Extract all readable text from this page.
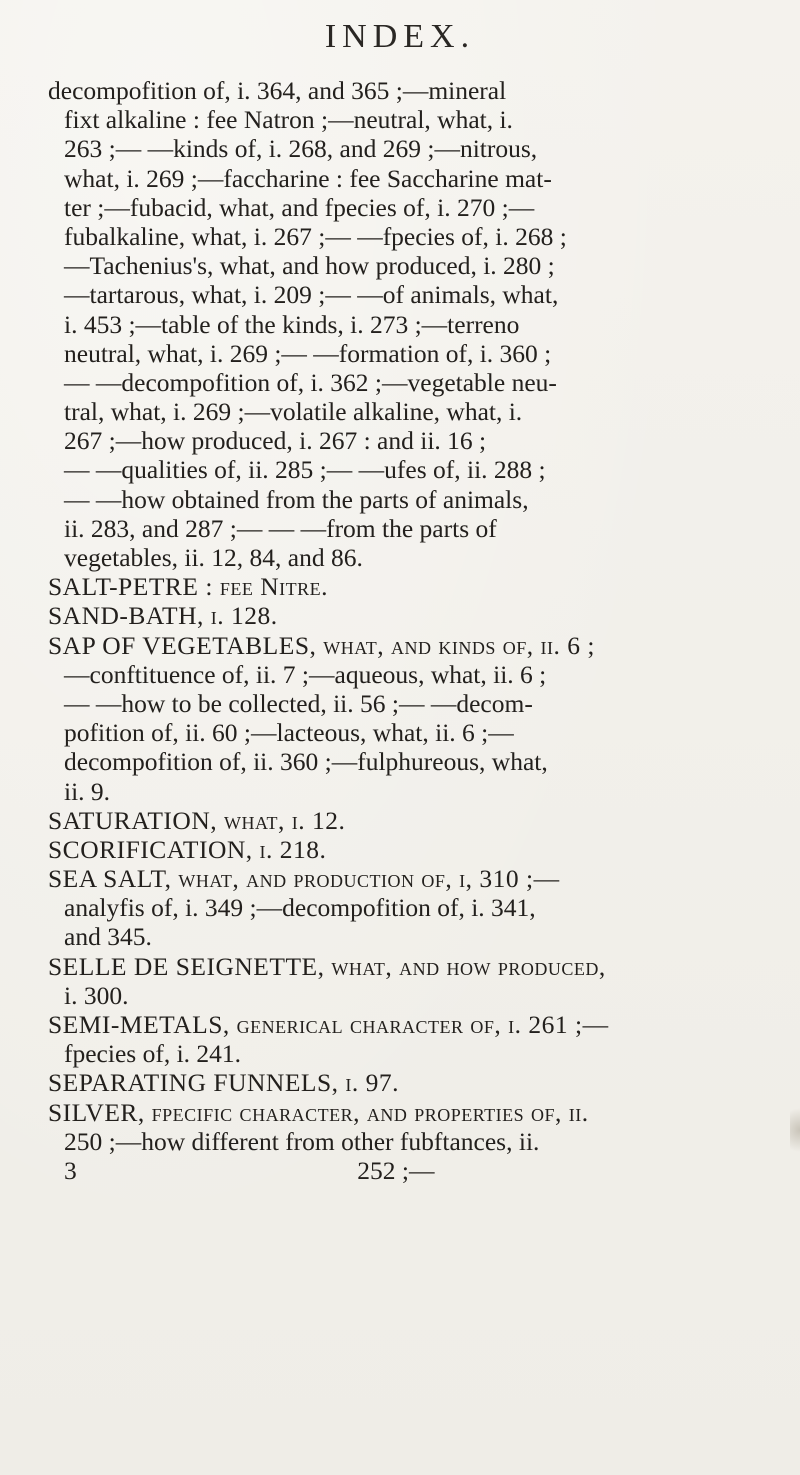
INDEX.
decompofition of, i. 364, and 365 ;—mineral
fixt alkaline : fee Natron ;—neutral, what, i.
263 ;— —kinds of, i. 268, and 269 ;—nitrous,
what, i. 269 ;—faccharine : fee Saccharine mat-
ter ;—fubacid, what, and fpecies of, i. 270 ;—
fubalkaline, what, i. 267 ;— —fpecies of, i. 268 ;
—Tachenius's, what, and how produced, i. 280 ;
—tartarous, what, i. 209 ;— —of animals, what,
i. 453 ;—table of the kinds, i. 273 ;—terreno
neutral, what, i. 269 ;— —formation of, i. 360 ;
— —decompofition of, i. 362 ;—vegetable neu-
tral, what, i. 269 ;—volatile alkaline, what, i.
267 ;—how produced, i. 267 : and ii. 16 ;
— —qualities of, ii. 285 ;— —ufes of, ii. 288 ;
— —how obtained from the parts of animals,
ii. 283, and 287 ;— — —from the parts of
vegetables, ii. 12, 84, and 86.
SALT-PETRE : fee Nitre.
SAND-BATH, i. 128.
SAP OF VEGETABLES, what, and kinds of, ii. 6 ;
—conftituence of, ii. 7 ;—aqueous, what, ii. 6 ;
— —how to be collected, ii. 56 ;— —decom-
pofition of, ii. 60 ;—lacteous, what, ii. 6 ;—
decompofition of, ii. 360 ;—fulphureous, what,
ii. 9.
SATURATION, what, i. 12.
SCORIFICATION, i. 218.
SEA SALT, what, and production of, i, 310 ;—
analyfis of, i. 349 ;—decompofition of, i. 341,
and 345.
SELLE DE SEIGNETTE, what, and how produced,
i. 300.
SEMI-METALS, generical character of, i. 261 ;—
fpecies of, i. 241.
SEPARATING FUNNELS, i. 97.
SILVER, fpecific character, and properties of, ii.
250 ;—how different from other fubftances, ii.
3                                            252 ;—
